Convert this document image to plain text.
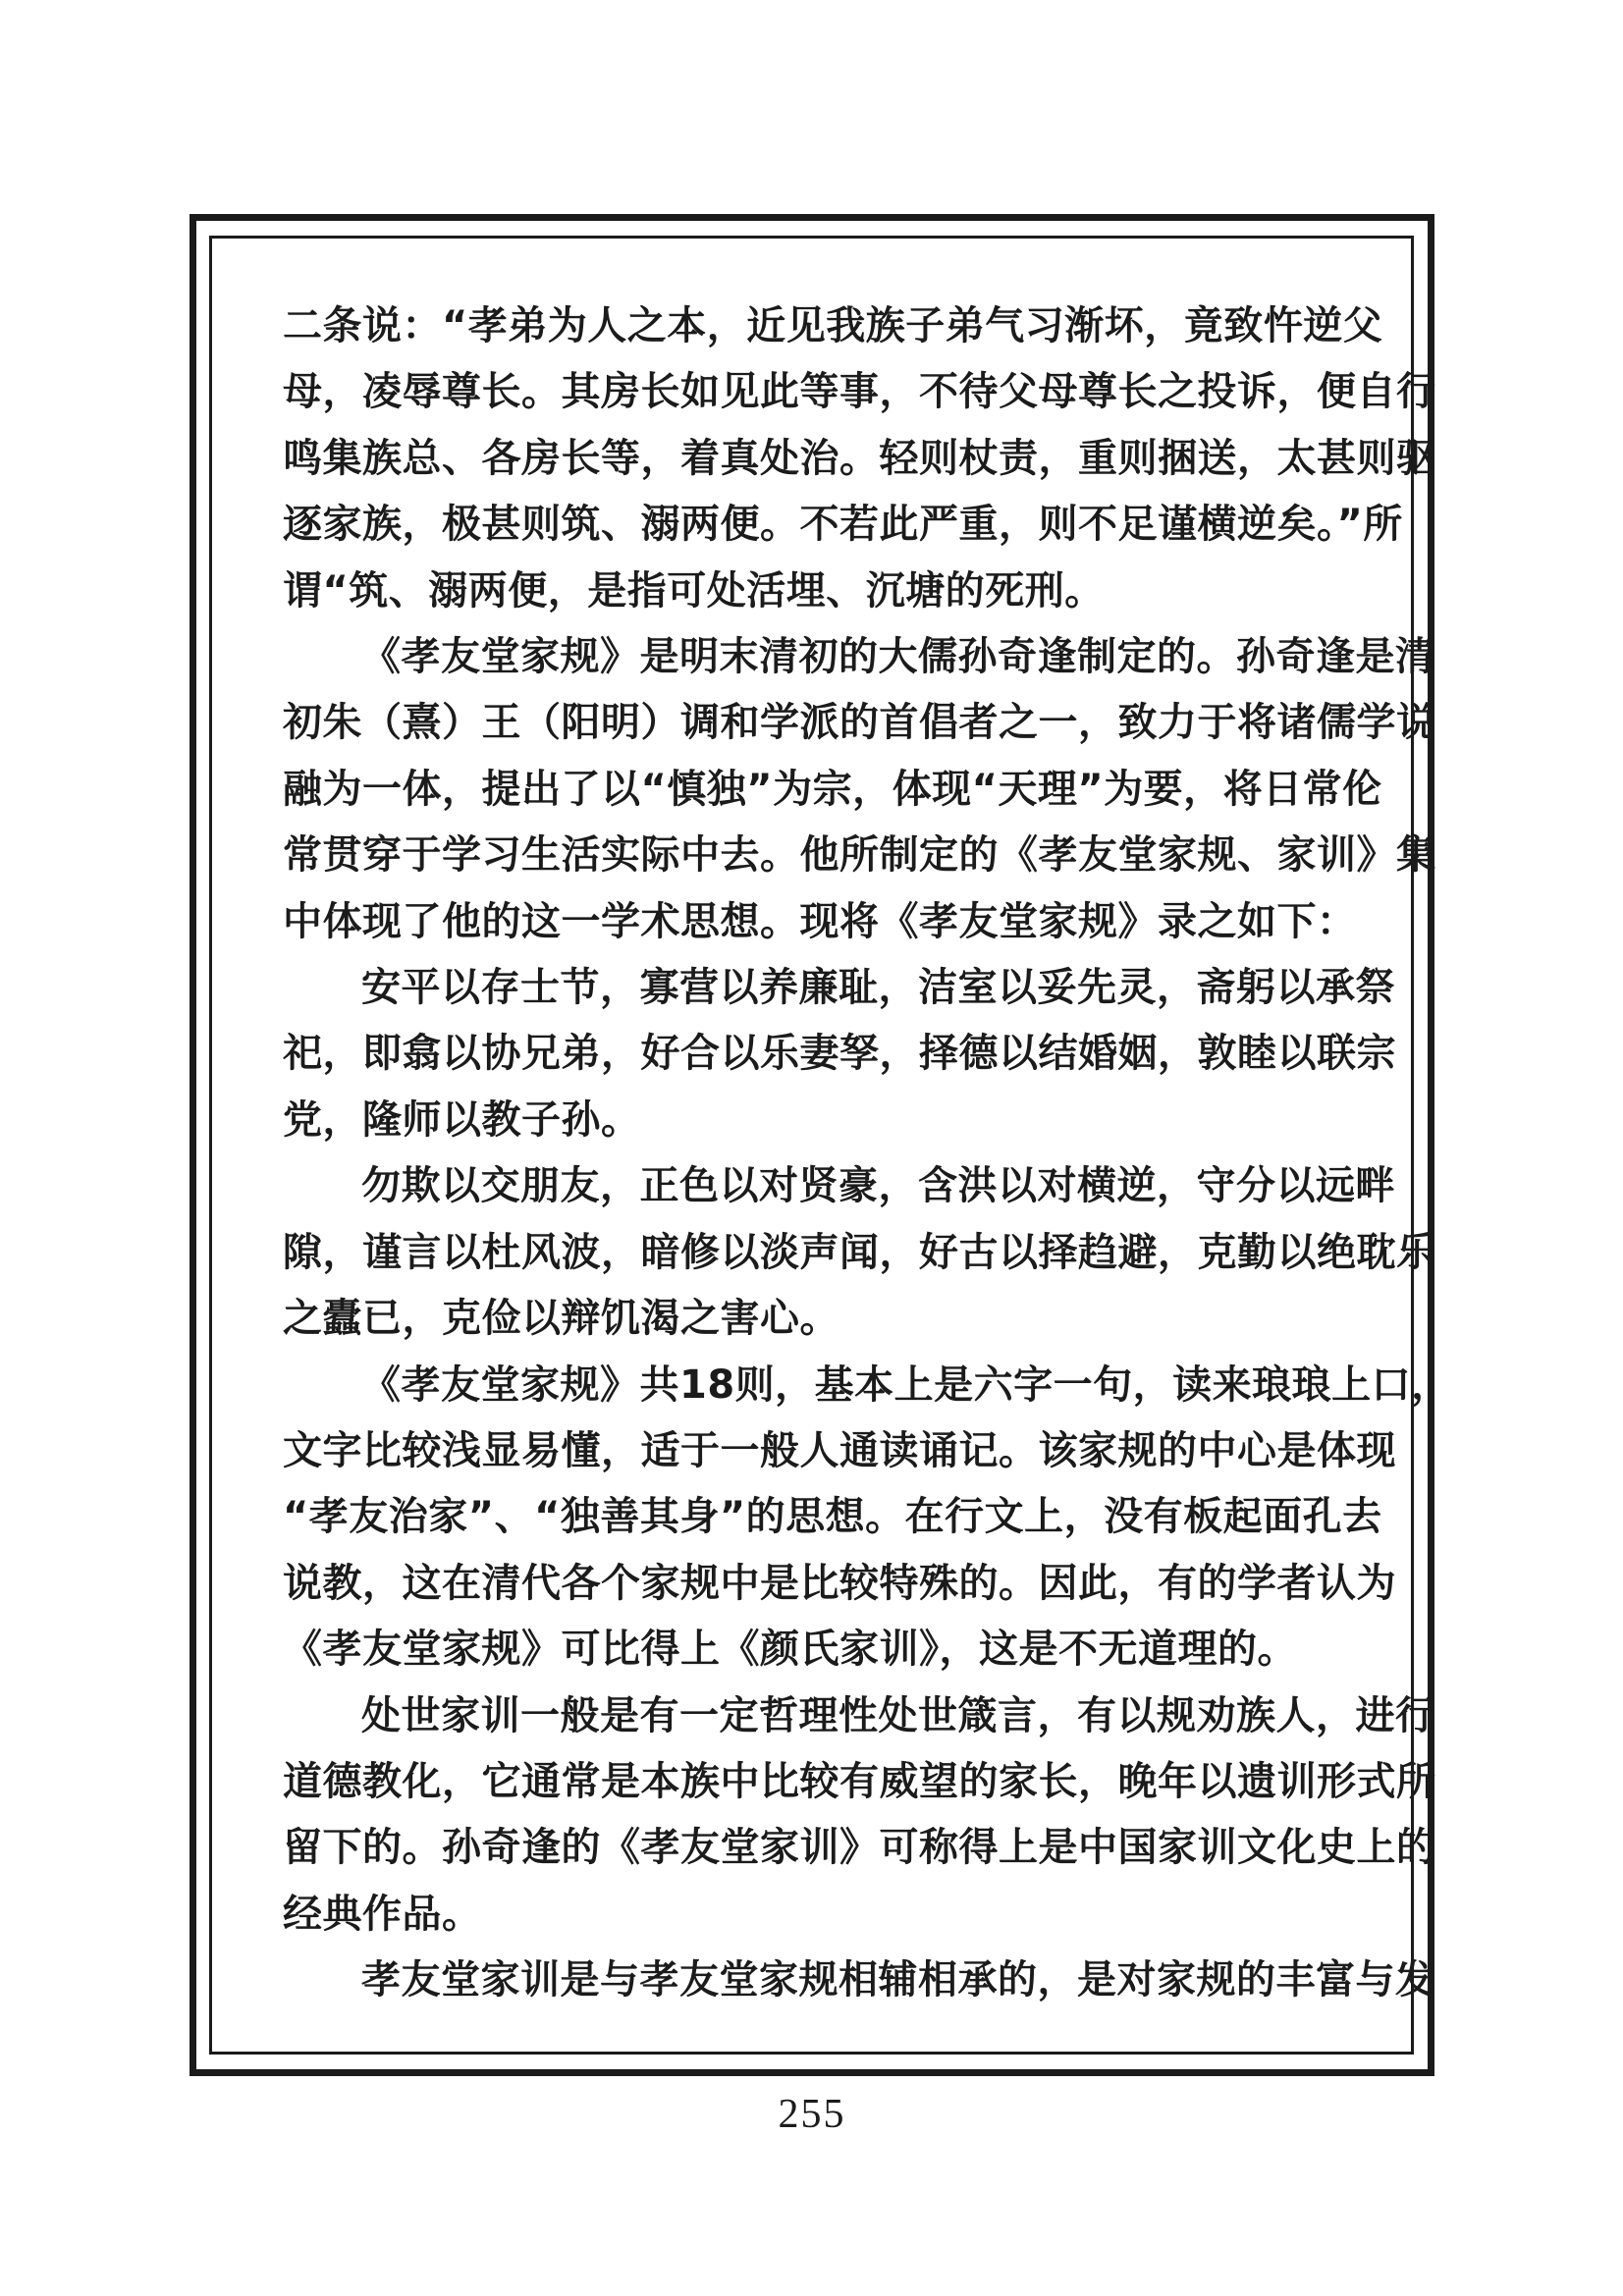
二条说：“孝弟为人之本，近见我族子弟气习渐坏，竟致忤逆父
母，凌辱尊长。其房长如见此等事，不待父母尊长之投诉，便自行
鸣集族总、各房长等，着真处治。轻则杖责，重则捆送，太甚则驱
逐家族，极甚则筑、溺两便。不若此严重，则不足谨横逆矣。”所
谓“筑、溺两便，是指可处活埋、沉塘的死刑。
《孝友堂家规》是明末清初的大儒孙奇逢制定的。孙奇逢是清
初朱（熹）王（阳明）调和学派的首倡者之一，致力于将诸儒学说
融为一体，提出了以“慎独”为宗，体现“天理”为要，将日常伦
常贯穿于学习生活实际中去。他所制定的《孝友堂家规、家训》集
中体现了他的这一学术思想。现将《孝友堂家规》录之如下：
安平以存士节，寡营以养廉耻，洁室以妥先灵，斋躬以承祭
祀，即翕以协兄弟，好合以乐妻孥，择德以结婚姻，敦睦以联宗
党，隆师以教子孙。
勿欺以交朋友，正色以对贤豪，含洪以对横逆，守分以远畔
隙，谨言以杜风波，暗修以淡声闻，好古以择趋避，克勤以绝耽乐
之蠹已，克俭以辩饥渴之害心。
《孝友堂家规》共18则，基本上是六字一句，读来琅琅上口，
文字比较浅显易懂，适于一般人通读诵记。该家规的中心是体现
“孝友治家”、“独善其身”的思想。在行文上，没有板起面孔去
说教，这在清代各个家规中是比较特殊的。因此，有的学者认为
《孝友堂家规》可比得上《颜氏家训》，这是不无道理的。
处世家训一般是有一定哲理性处世箴言，有以规劝族人，进行
道德教化，它通常是本族中比较有威望的家长，晚年以遗训形式所
留下的。孙奇逢的《孝友堂家训》可称得上是中国家训文化史上的
经典作品。
孝友堂家训是与孝友堂家规相辅相承的，是对家规的丰富与发
255
